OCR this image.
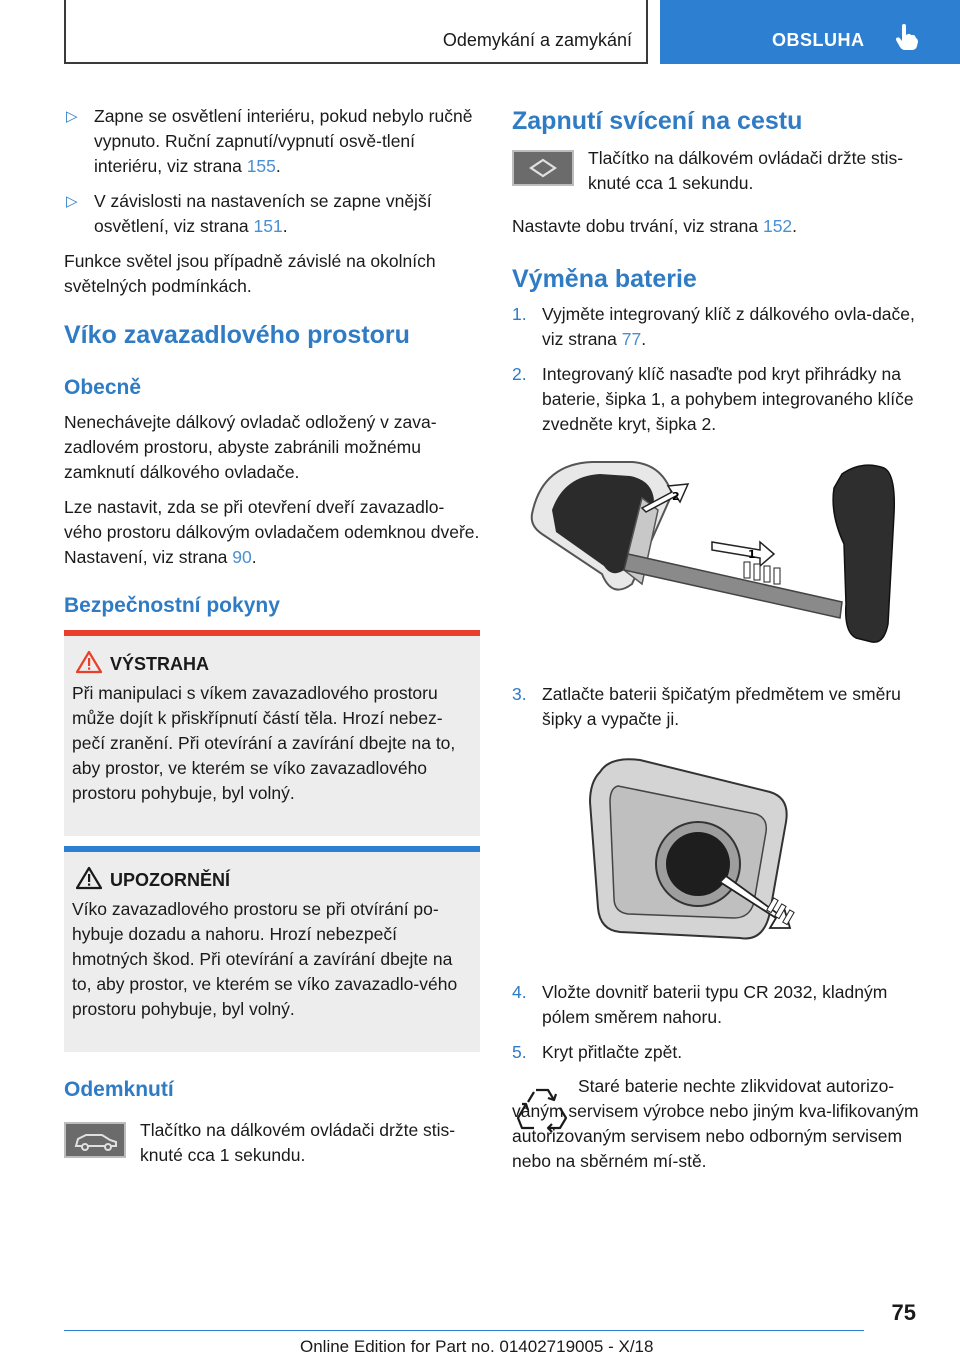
Odemykání a zamykání	OBSLUHA
▷ Zapne se osvětlení interiéru, pokud nebylo ručně vypnuto. Ruční zapnutí/vypnutí osvě‐tlení interiéru, viz strana 155.
▷ V závislosti na nastaveních se zapne vnější osvětlení, viz strana 151.

Funkce světel jsou případně závislé na okolních světelných podmínkách.

Víko zavazadlového prostoru
Obecně

Nenechávejte dálkový ovladač odložený v zava‐zadlovém prostoru, abyste zabránili možnému zamknutí dálkového ovladače.

Lze nastavit, zda se při otevření dveří zavazadlo‐vého prostoru dálkovým ovladačem odemknou dveře. Nastavení, viz strana 90.

Bezpečnostní pokyny
VÝSTRAHA

Při manipulaci s víkem zavazadlového prostoru může dojít k přiskřípnutí částí těla. Hrozí nebez‐pečí zranění. Při otevírání a zavírání dbejte na to, aby prostor, ve kterém se víko zavazadlového prostoru pohybuje, byl volný.

UPOZORNĚNÍ

Víko zavazadlového prostoru se při otvírání po‐hybuje dozadu a nahoru. Hrozí nebezpečí hmotných škod. Při otevírání a zavírání dbejte na to, aby prostor, ve kterém se víko zavazadlo‐vého prostoru pohybuje, byl volný.

Odemknutí

Tlačítko na dálkovém ovládači držte stis‐knuté cca 1 sekundu.

Zapnutí svícení na cestu

Tlačítko na dálkovém ovládači držte stis‐knuté cca 1 sekundu.

Nastavte dobu trvání, viz strana 152.

Výměna baterie
1. Vyjměte integrovaný klíč z dálkového ovla‐dače, viz strana 77.
2. Integrovaný klíč nasaďte pod kryt přihrádky na baterie, šipka 1, a pohybem integrovaného klíče zvedněte kryt, šipka 2.
1
2
3. Zatlačte baterii špičatým předmětem ve směru šipky a vypačte ji.
4. Vložte dovnitř baterii typu CR 2032, kladným pólem směrem nahoru.
5. Kryt přitlačte zpět.

Staré baterie nechte zlikvidovat autorizo‐vaným servisem výrobce nebo jiným kva‐lifikovaným autorizovaným servisem nebo odborným servisem nebo na sběrném mí‐stě.

75
Online Edition for Part no. 01402719005 - X/18
